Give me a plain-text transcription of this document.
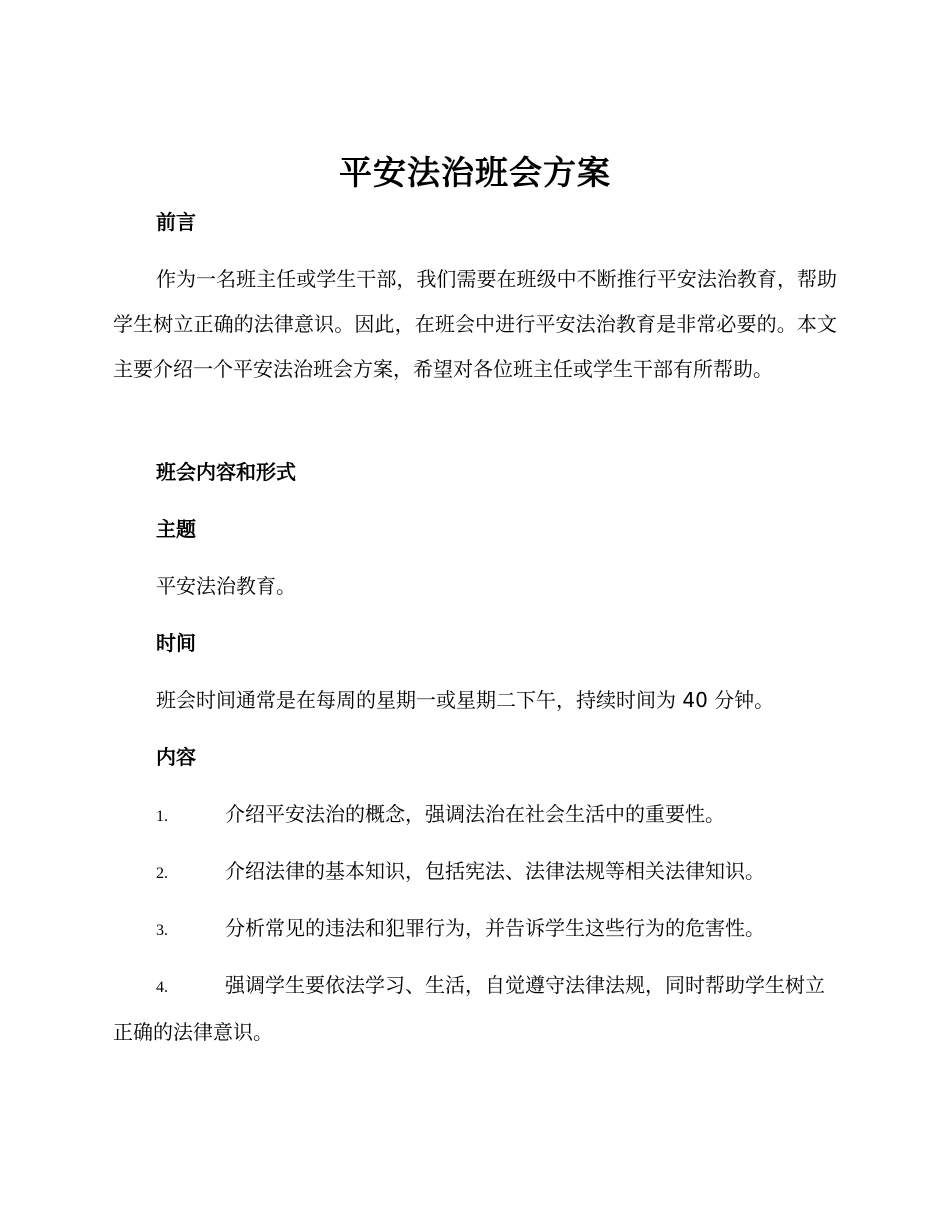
平安法治班会方案
前言

作为一名班主任或学生干部，我们需要在班级中不断推行平安法治教育，帮助学生树立正确的法律意识。因此，在班会中进行平安法治教育是非常必要的。本文主要介绍一个平安法治班会方案，希望对各位班主任或学生干部有所帮助。

班会内容和形式
主题
平安法治教育。
时间
班会时间通常是在每周的星期一或星期二下午，持续时间为 40 分钟。
内容
1.	介绍平安法治的概念，强调法治在社会生活中的重要性。
2.	介绍法律的基本知识，包括宪法、法律法规等相关法律知识。
3.	分析常见的违法和犯罪行为，并告诉学生这些行为的危害性。
4.	强调学生要依法学习、生活，自觉遵守法律法规，同时帮助学生树立正确的法律意识。
